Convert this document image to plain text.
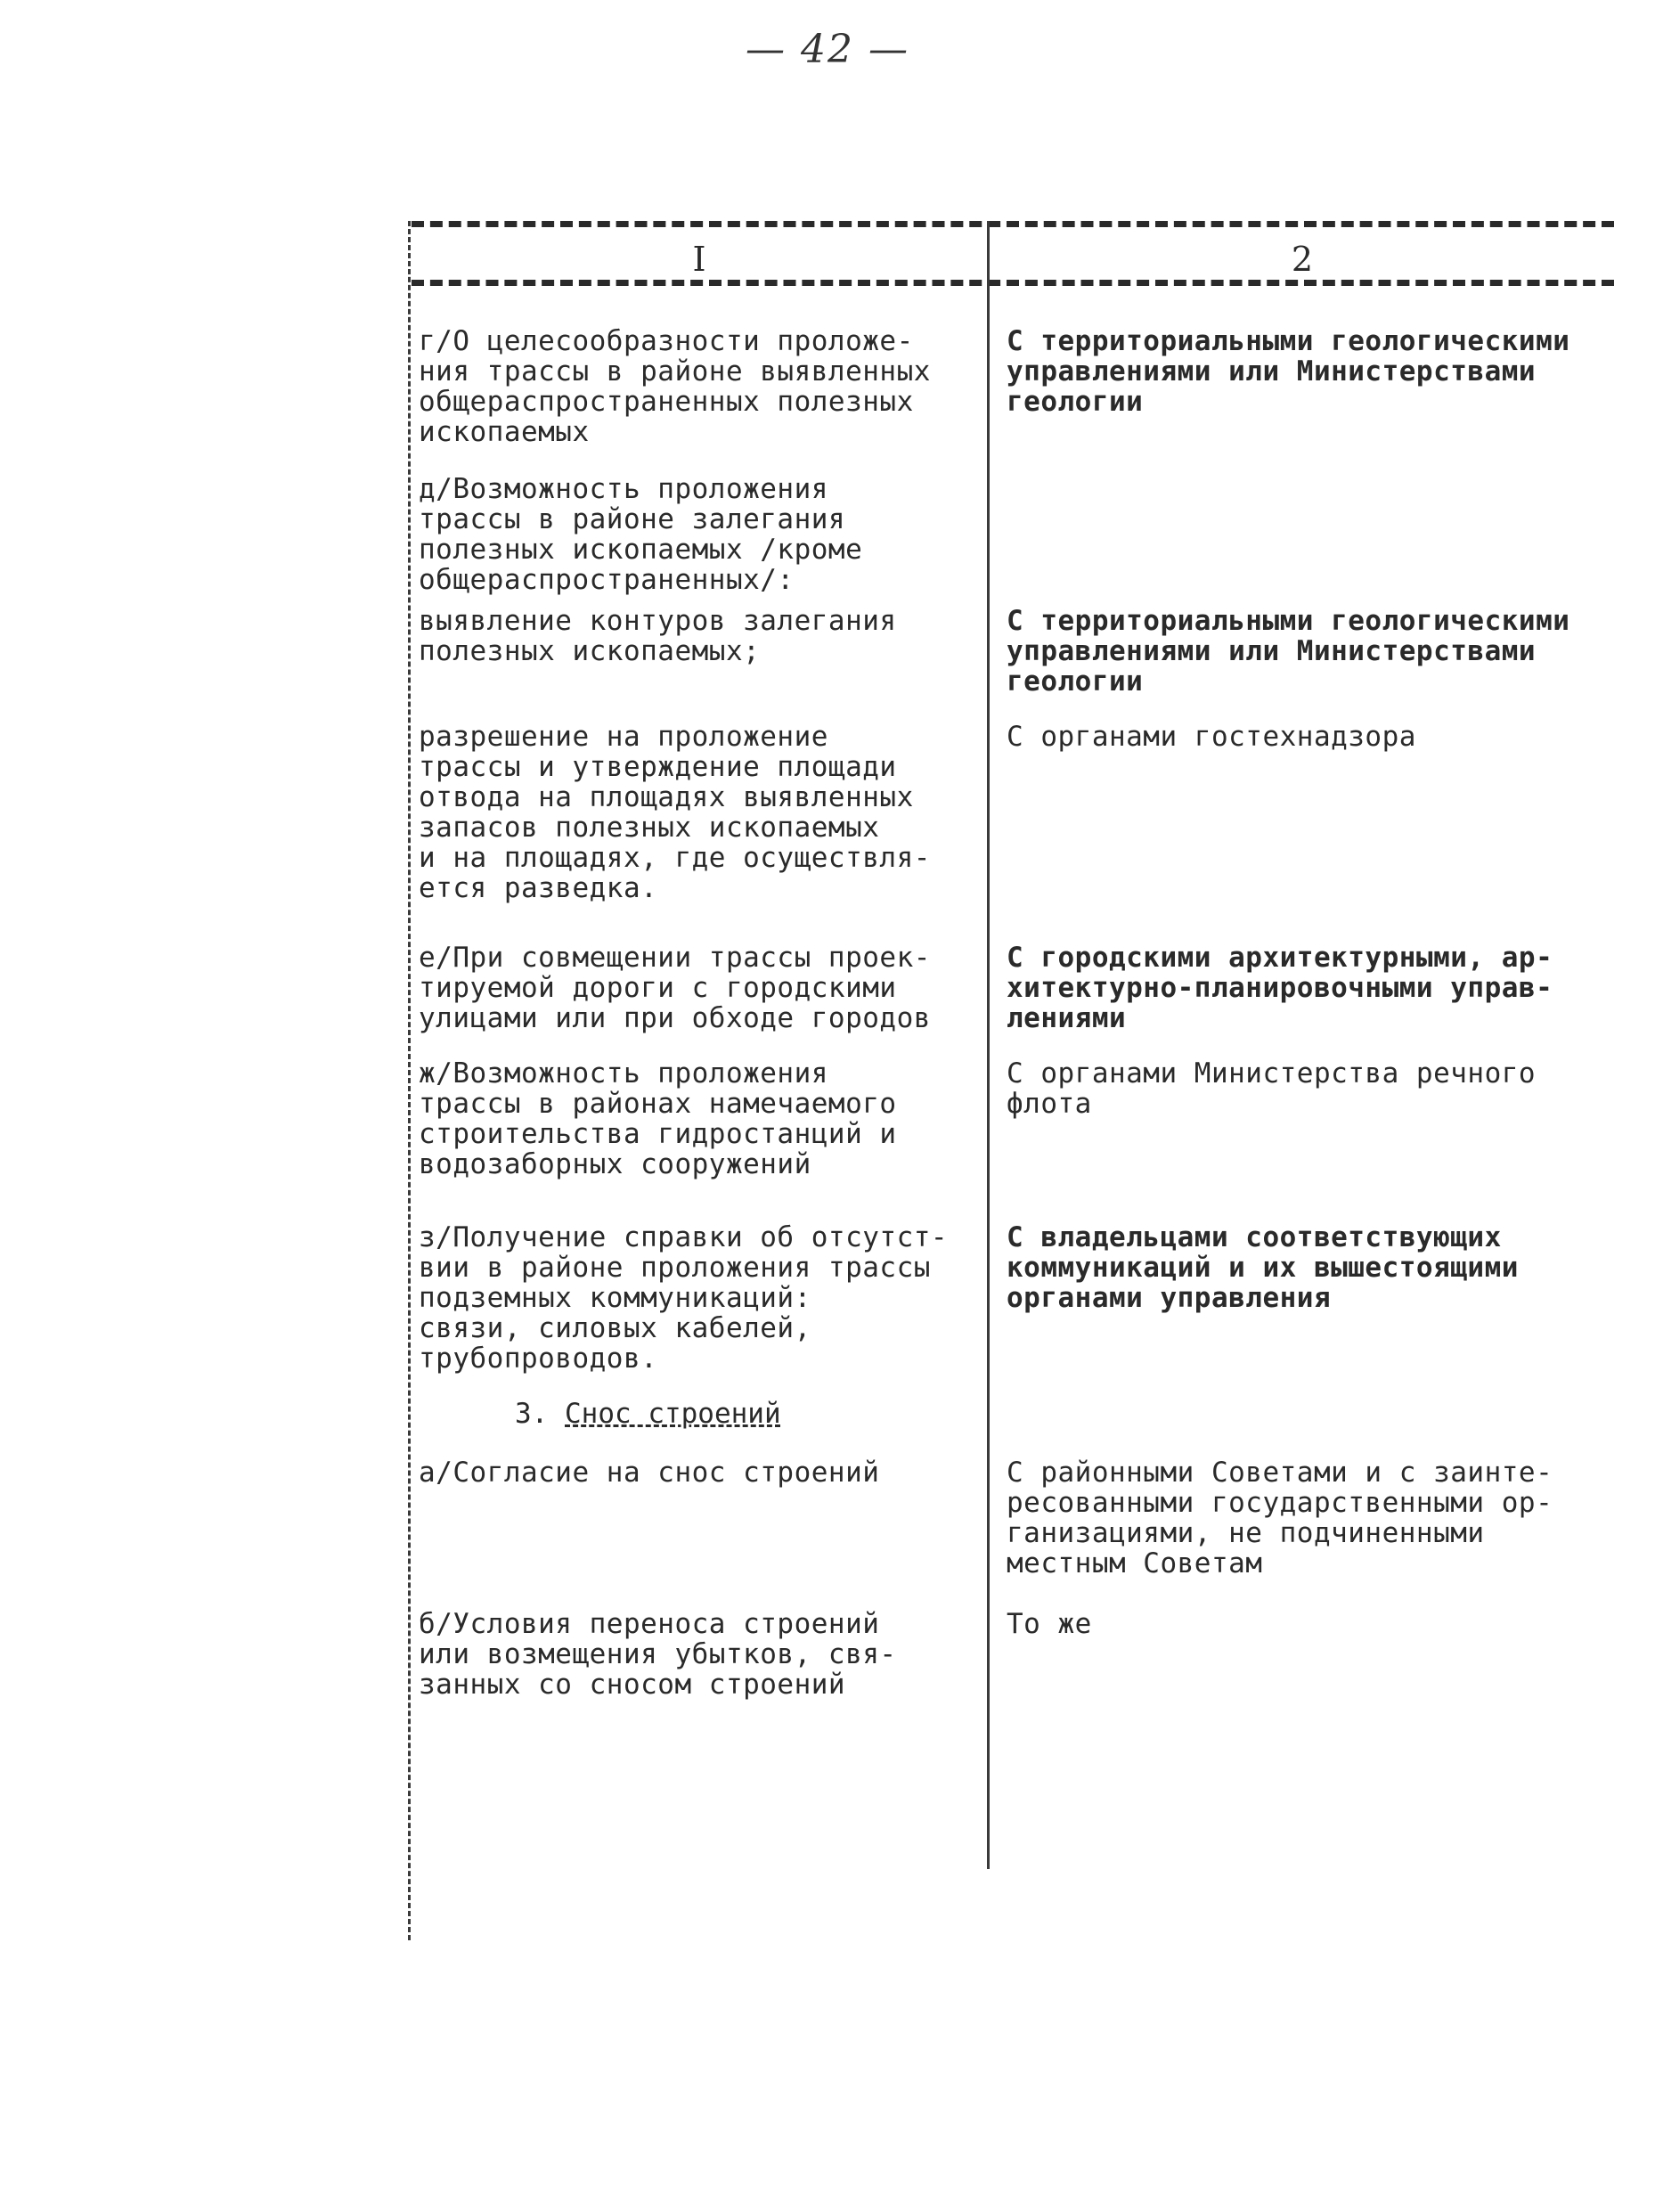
— 42 —
I	2
г/О целесообразности проложе-
ния трассы в районе выявленных
общераспространенных полезных
ископаемых
С территориальными геологическими
управлениями или Министерствами
геологии
д/Возможность проложения
трассы в районе залегания
полезных ископаемых /кроме
общераспространенных/:
выявление контуров залегания
полезных ископаемых;
С территориальными геологическими
управлениями или Министерствами
геологии
разрешение на проложение
трассы и утверждение площади
отвода на площадях выявленных
запасов полезных ископаемых
и на площадях, где осуществля-
ется разведка.
С органами гостехнадзора
е/При совмещении трассы проек-
тируемой дороги с городскими
улицами или при обходе городов
С городскими архитектурными, ар-
хитектурно-планировочными управ-
лениями
ж/Возможность проложения
трассы в районах намечаемого
строительства гидростанций и
водозаборных сооружений
С органами Министерства речного
флота
з/Получение справки об отсутст-
вии в районе проложения трассы
подземных коммуникаций:
связи, силовых кабелей,
трубопроводов.
С владельцами соответствующих
коммуникаций и их вышестоящими
органами управления
3. Снос строений
а/Согласие на снос строений	С районными Советами и с заинте-
ресованными государственными ор-
ганизациями, не подчиненными
местным Советам
б/Условия переноса строений
или возмещения убытков, свя-
занных со сносом строений
То же
